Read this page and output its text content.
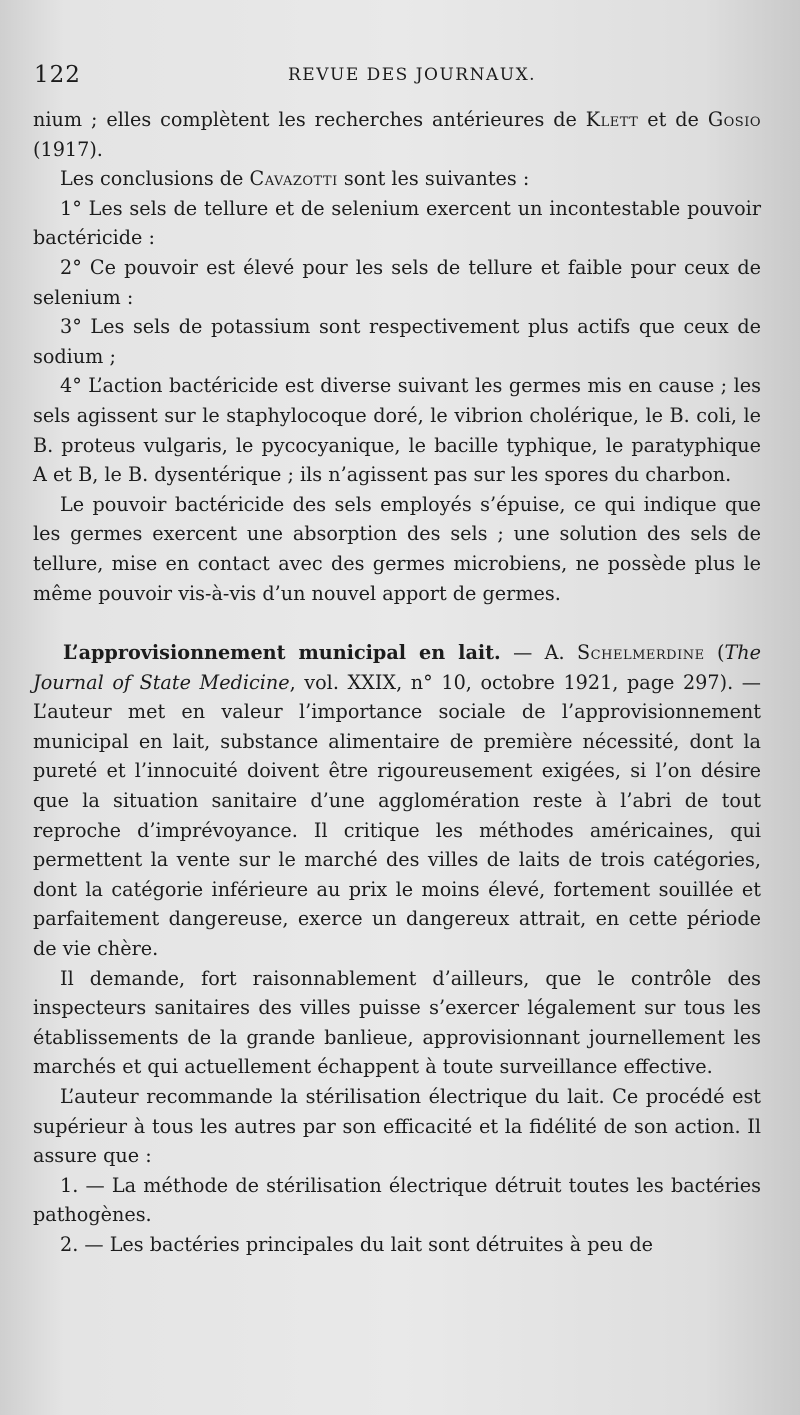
122	REVUE DES JOURNAUX.

nium ; elles complètent les recherches antérieures de Klett et de Gosio (1917).

Les conclusions de Cavazotti sont les suivantes :

1° Les sels de tellure et de selenium exercent un incontestable pouvoir bactéricide :

2° Ce pouvoir est élevé pour les sels de tellure et faible pour ceux de selenium :

3° Les sels de potassium sont respectivement plus actifs que ceux de sodium ;

4° L’action bactéricide est diverse suivant les germes mis en cause ; les sels agissent sur le staphylocoque doré, le vibrion cholérique, le B. coli, le B. proteus vulgaris, le pycocyanique, le bacille typhique, le paratyphique A et B, le B. dysentérique ; ils n’agissent pas sur les spores du charbon.

Le pouvoir bactéricide des sels employés s’épuise, ce qui indique que les germes exercent une absorption des sels ; une solution des sels de tellure, mise en contact avec des germes microbiens, ne possède plus le même pouvoir vis-à-vis d’un nouvel apport de germes.

L’approvisionnement municipal en lait. — A. Schelmerdine (The Journal of State Medicine, vol. XXIX, n° 10, octobre 1921, page 297). — L’auteur met en valeur l’importance sociale de l’approvisionnement municipal en lait, substance alimentaire de première nécessité, dont la pureté et l’innocuité doivent être rigoureusement exigées, si l’on désire que la situation sanitaire d’une agglomération reste à l’abri de tout reproche d’imprévoyance. Il critique les méthodes américaines, qui permettent la vente sur le marché des villes de laits de trois catégories, dont la catégorie inférieure au prix le moins élevé, fortement souillée et parfaitement dangereuse, exerce un dangereux attrait, en cette période de vie chère.

Il demande, fort raisonnablement d’ailleurs, que le contrôle des inspecteurs sanitaires des villes puisse s’exercer légalement sur tous les établissements de la grande banlieue, approvisionnant journellement les marchés et qui actuellement échappent à toute surveillance effective.

L’auteur recommande la stérilisation électrique du lait. Ce procédé est supérieur à tous les autres par son efficacité et la fidélité de son action. Il assure que :

1. — La méthode de stérilisation électrique détruit toutes les bactéries pathogènes.

2. — Les bactéries principales du lait sont détruites à peu de
